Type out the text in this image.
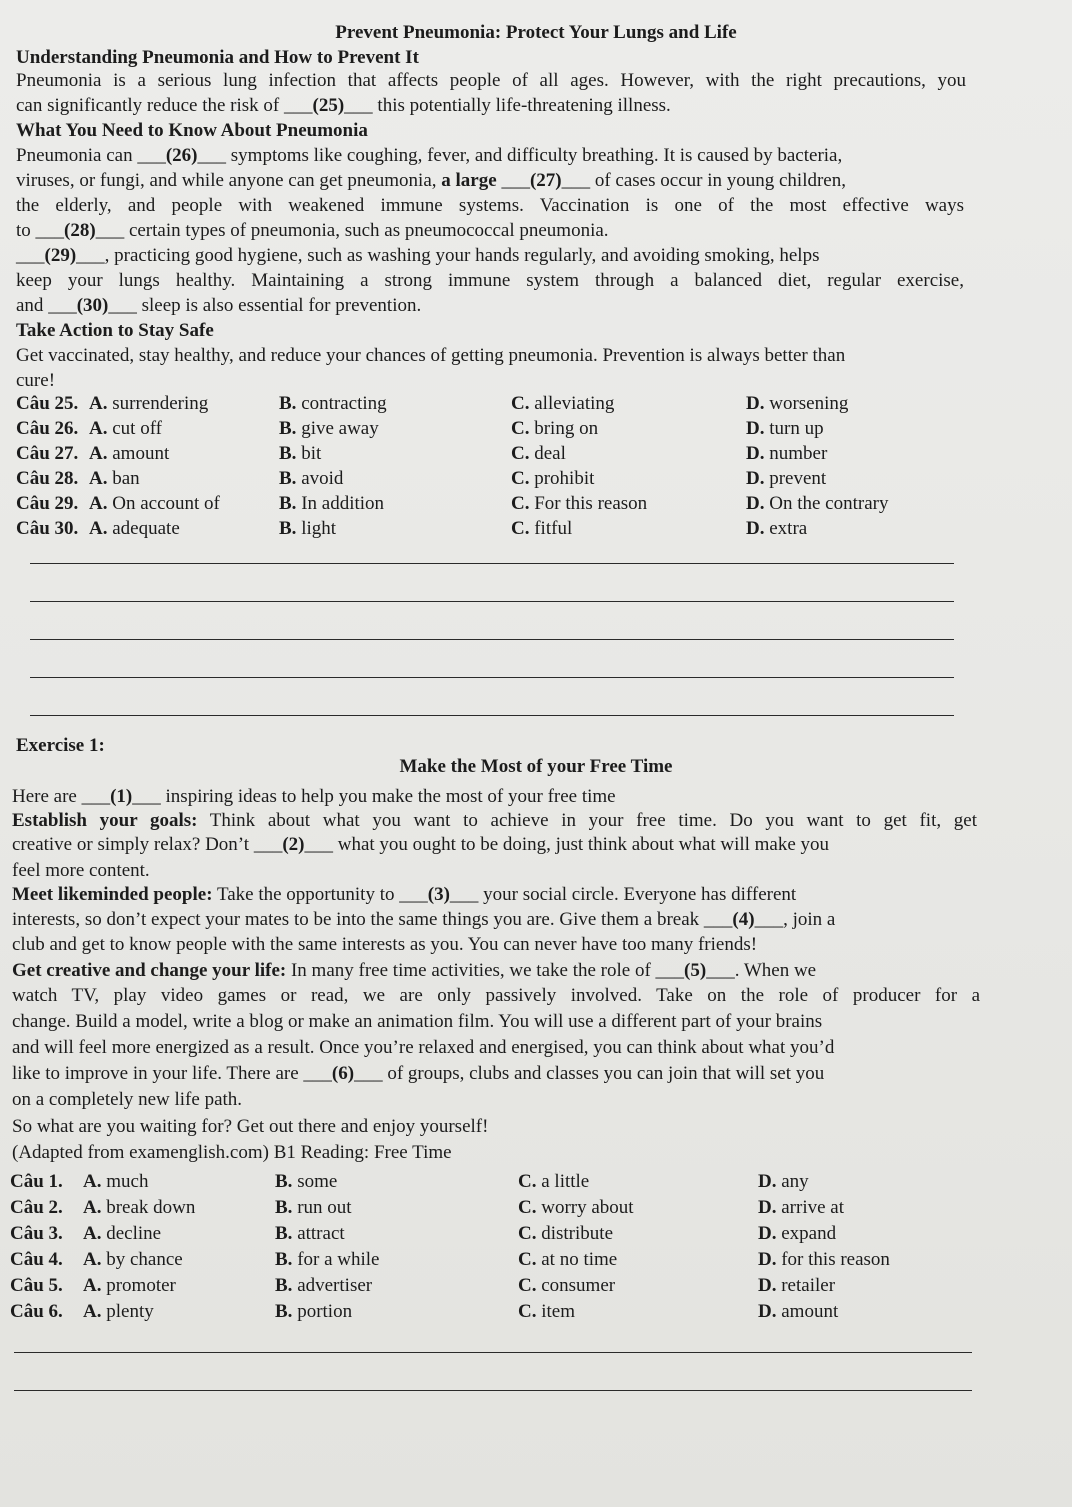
Prevent Pneumonia: Protect Your Lungs and Life
Understanding Pneumonia and How to Prevent It
Pneumonia is a serious lung infection that affects people of all ages. However, with the right precautions, you
can significantly reduce the risk of ___ (25) ___ this potentially life-threatening illness.
What You Need to Know About Pneumonia
Pneumonia can ___ (26) ___ symptoms like coughing, fever, and difficulty breathing. It is caused by bacteria,
viruses, or fungi, and while anyone can get pneumonia, a large ___ (27) ___ of cases occur in young children,
the elderly, and people with weakened immune systems. Vaccination is one of the most effective ways
to ___ (28) ___ certain types of pneumonia, such as pneumococcal pneumonia.
___ (29) ___ , practicing good hygiene, such as washing your hands regularly, and avoiding smoking, helps
keep your lungs healthy. Maintaining a strong immune system through a balanced diet, regular exercise,
and ___ (30) ___ sleep is also essential for prevention.
Take Action to Stay Safe
Get vaccinated, stay healthy, and reduce your chances of getting pneumonia. Prevention is always better than
cure!
Câu 25. A. surrendering	B. contracting	C. alleviating	D. worsening
Câu 26. A. cut off	B. give away	C. bring on	D. turn up
Câu 27. A. amount	B. bit	C. deal	D. number
Câu 28. A. ban	B. avoid	C. prohibit	D. prevent
Câu 29. A. On account of	B. In addition	C. For this reason	D. On the contrary
Câu 30. A. adequate	B. light	C. fitful	D. extra
Exercise 1:
Make the Most of your Free Time
Here are ___ (1) ___ inspiring ideas to help you make the most of your free time
Establish your goals: Think about what you want to achieve in your free time. Do you want to get fit, get
creative or simply relax? Don’t ___ (2) ___ what you ought to be doing, just think about what will make you
feel more content.
Meet likeminded people: Take the opportunity to ___ (3) ___ your social circle. Everyone has different
interests, so don’t expect your mates to be into the same things you are. Give them a break ___ (4) ___ , join a
club and get to know people with the same interests as you. You can never have too many friends!
Get creative and change your life: In many free time activities, we take the role of ___ (5) ___ . When we
watch TV, play video games or read, we are only passively involved. Take on the role of producer for a
change. Build a model, write a blog or make an animation film. You will use a different part of your brains
and will feel more energized as a result. Once you’re relaxed and energised, you can think about what you’d
like to improve in your life. There are ___ (6) ___ of groups, clubs and classes you can join that will set you
on a completely new life path.
So what are you waiting for? Get out there and enjoy yourself!
(Adapted from examenglish.com) B1 Reading: Free Time
Câu 1. A. much	B. some	C. a little	D. any
Câu 2. A. break down	B. run out	C. worry about	D. arrive at
Câu 3. A. decline	B. attract	C. distribute	D. expand
Câu 4. A. by chance	B. for a while	C. at no time	D. for this reason
Câu 5. A. promoter	B. advertiser	C. consumer	D. retailer
Câu 6. A. plenty	B. portion	C. item	D. amount
